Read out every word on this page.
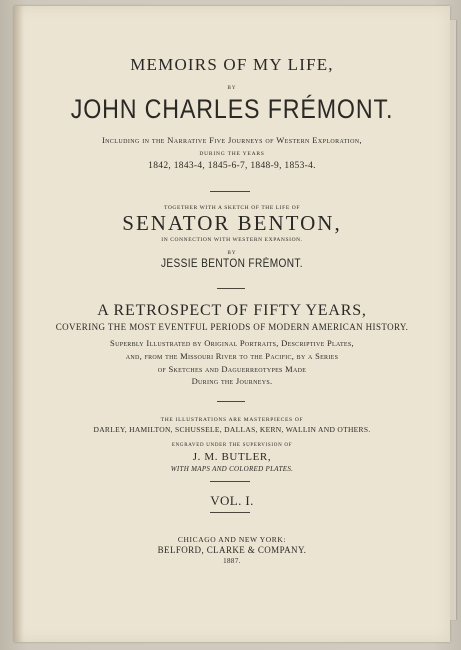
MEMOIRS OF MY LIFE,
BY
JOHN CHARLES FRÉMONT.
Including in the Narrative Five Journeys of Western Exploration,
DURING THE YEARS
1842, 1843-4, 1845-6-7, 1848-9, 1853-4.
TOGETHER WITH A SKETCH OF THE LIFE OF
SENATOR BENTON,
IN CONNECTION WITH WESTERN EXPANSION.
BY
JESSIE BENTON FRÉMONT.
A RETROSPECT OF FIFTY YEARS,
COVERING THE MOST EVENTFUL PERIODS OF MODERN AMERICAN HISTORY.
Superbly Illustrated by Original Portraits, Descriptive Plates,
and, from the Missouri River to the Pacific, by a Series
of Sketches and Daguerreotypes Made
During the Journeys.
THE ILLUSTRATIONS ARE MASTERPIECES OF
DARLEY, HAMILTON, SCHUSSELE, DALLAS, KERN, WALLIN AND OTHERS.
ENGRAVED UNDER THE SUPERVISION OF
J. M. BUTLER,
WITH MAPS AND COLORED PLATES.
VOL. I.
CHICAGO AND NEW YORK:
BELFORD, CLARKE & COMPANY.
1887.
